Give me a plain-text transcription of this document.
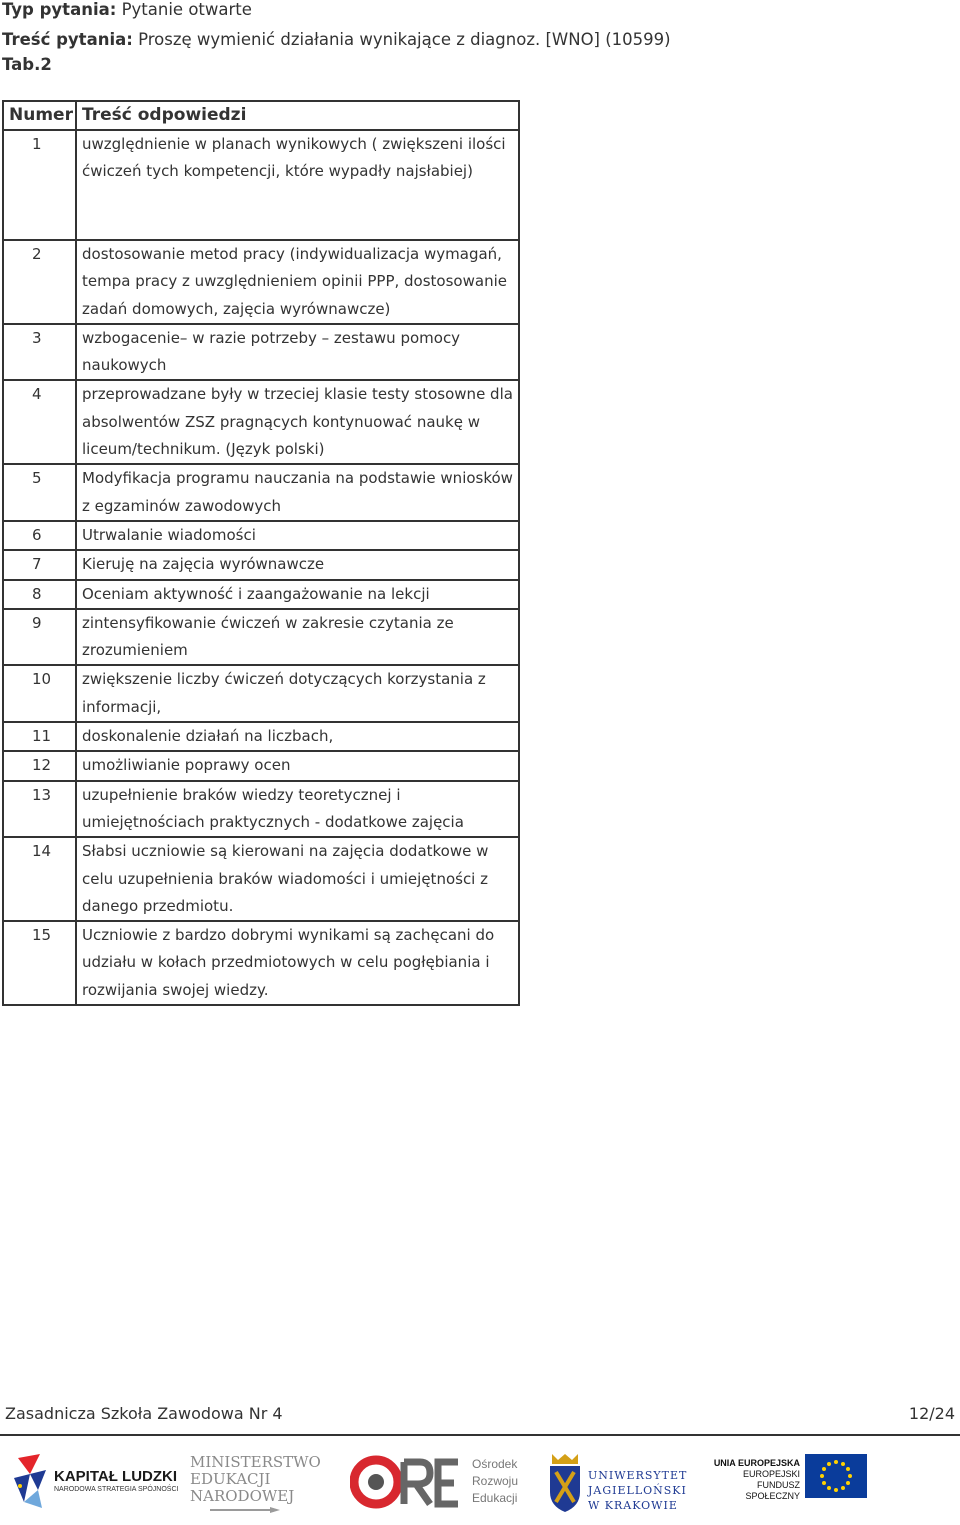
Typ pytania: Pytanie otwarte
Treść pytania: Proszę wymienić działania wynikające z diagnoz. [WNO] (10599)
Tab.2
Numer	Treść odpowiedzi
1	uwzględnienie w planach wynikowych ( zwiększeni ilości ćwiczeń tych kompetencji, które wypadły najsłabiej)
2	dostosowanie metod pracy (indywidualizacja wymagań, tempa pracy z uwzględnieniem opinii PPP, dostosowanie zadań domowych, zajęcia wyrównawcze)
3	wzbogacenie– w razie potrzeby – zestawu pomocy naukowych
4	przeprowadzane były w trzeciej klasie testy stosowne dla absolwentów ZSZ pragnących kontynuować naukę w liceum/technikum. (Język polski)
5	Modyfikacja programu nauczania na podstawie wniosków z egzaminów zawodowych
6	Utrwalanie wiadomości
7	Kieruję na zajęcia wyrównawcze
8	Oceniam aktywność i zaangażowanie na lekcji
9	zintensyfikowanie ćwiczeń w zakresie czytania ze zrozumieniem
10	zwiększenie liczby ćwiczeń dotyczących korzystania z informacji,
11	doskonalenie działań na liczbach,
12	umożliwianie poprawy ocen
13	uzupełnienie braków wiedzy teoretycznej i umiejętnościach praktycznych - dodatkowe zajęcia
14	Słabsi uczniowie są kierowani na zajęcia dodatkowe w celu uzupełnienia braków wiadomości i umiejętności z danego przedmiotu.
15	Uczniowie z bardzo dobrymi wynikami są zachęcani do udziału w kołach przedmiotowych w celu pogłębiania i rozwijania swojej wiedzy.
Zasadnicza Szkoła Zawodowa Nr 4	12/24
KAPITAŁ LUDZKI
NARODOWA STRATEGIA SPÓJNOŚCI
MINISTERSTWO
EDUKACJI
NARODOWEJ
Ośrodek
Rozwoju
Edukacji
UNIWERSYTET
JAGIELLOŃSKI
W KRAKOWIE
UNIA EUROPEJSKA
EUROPEJSKI
FUNDUSZ SPOŁECZNY
